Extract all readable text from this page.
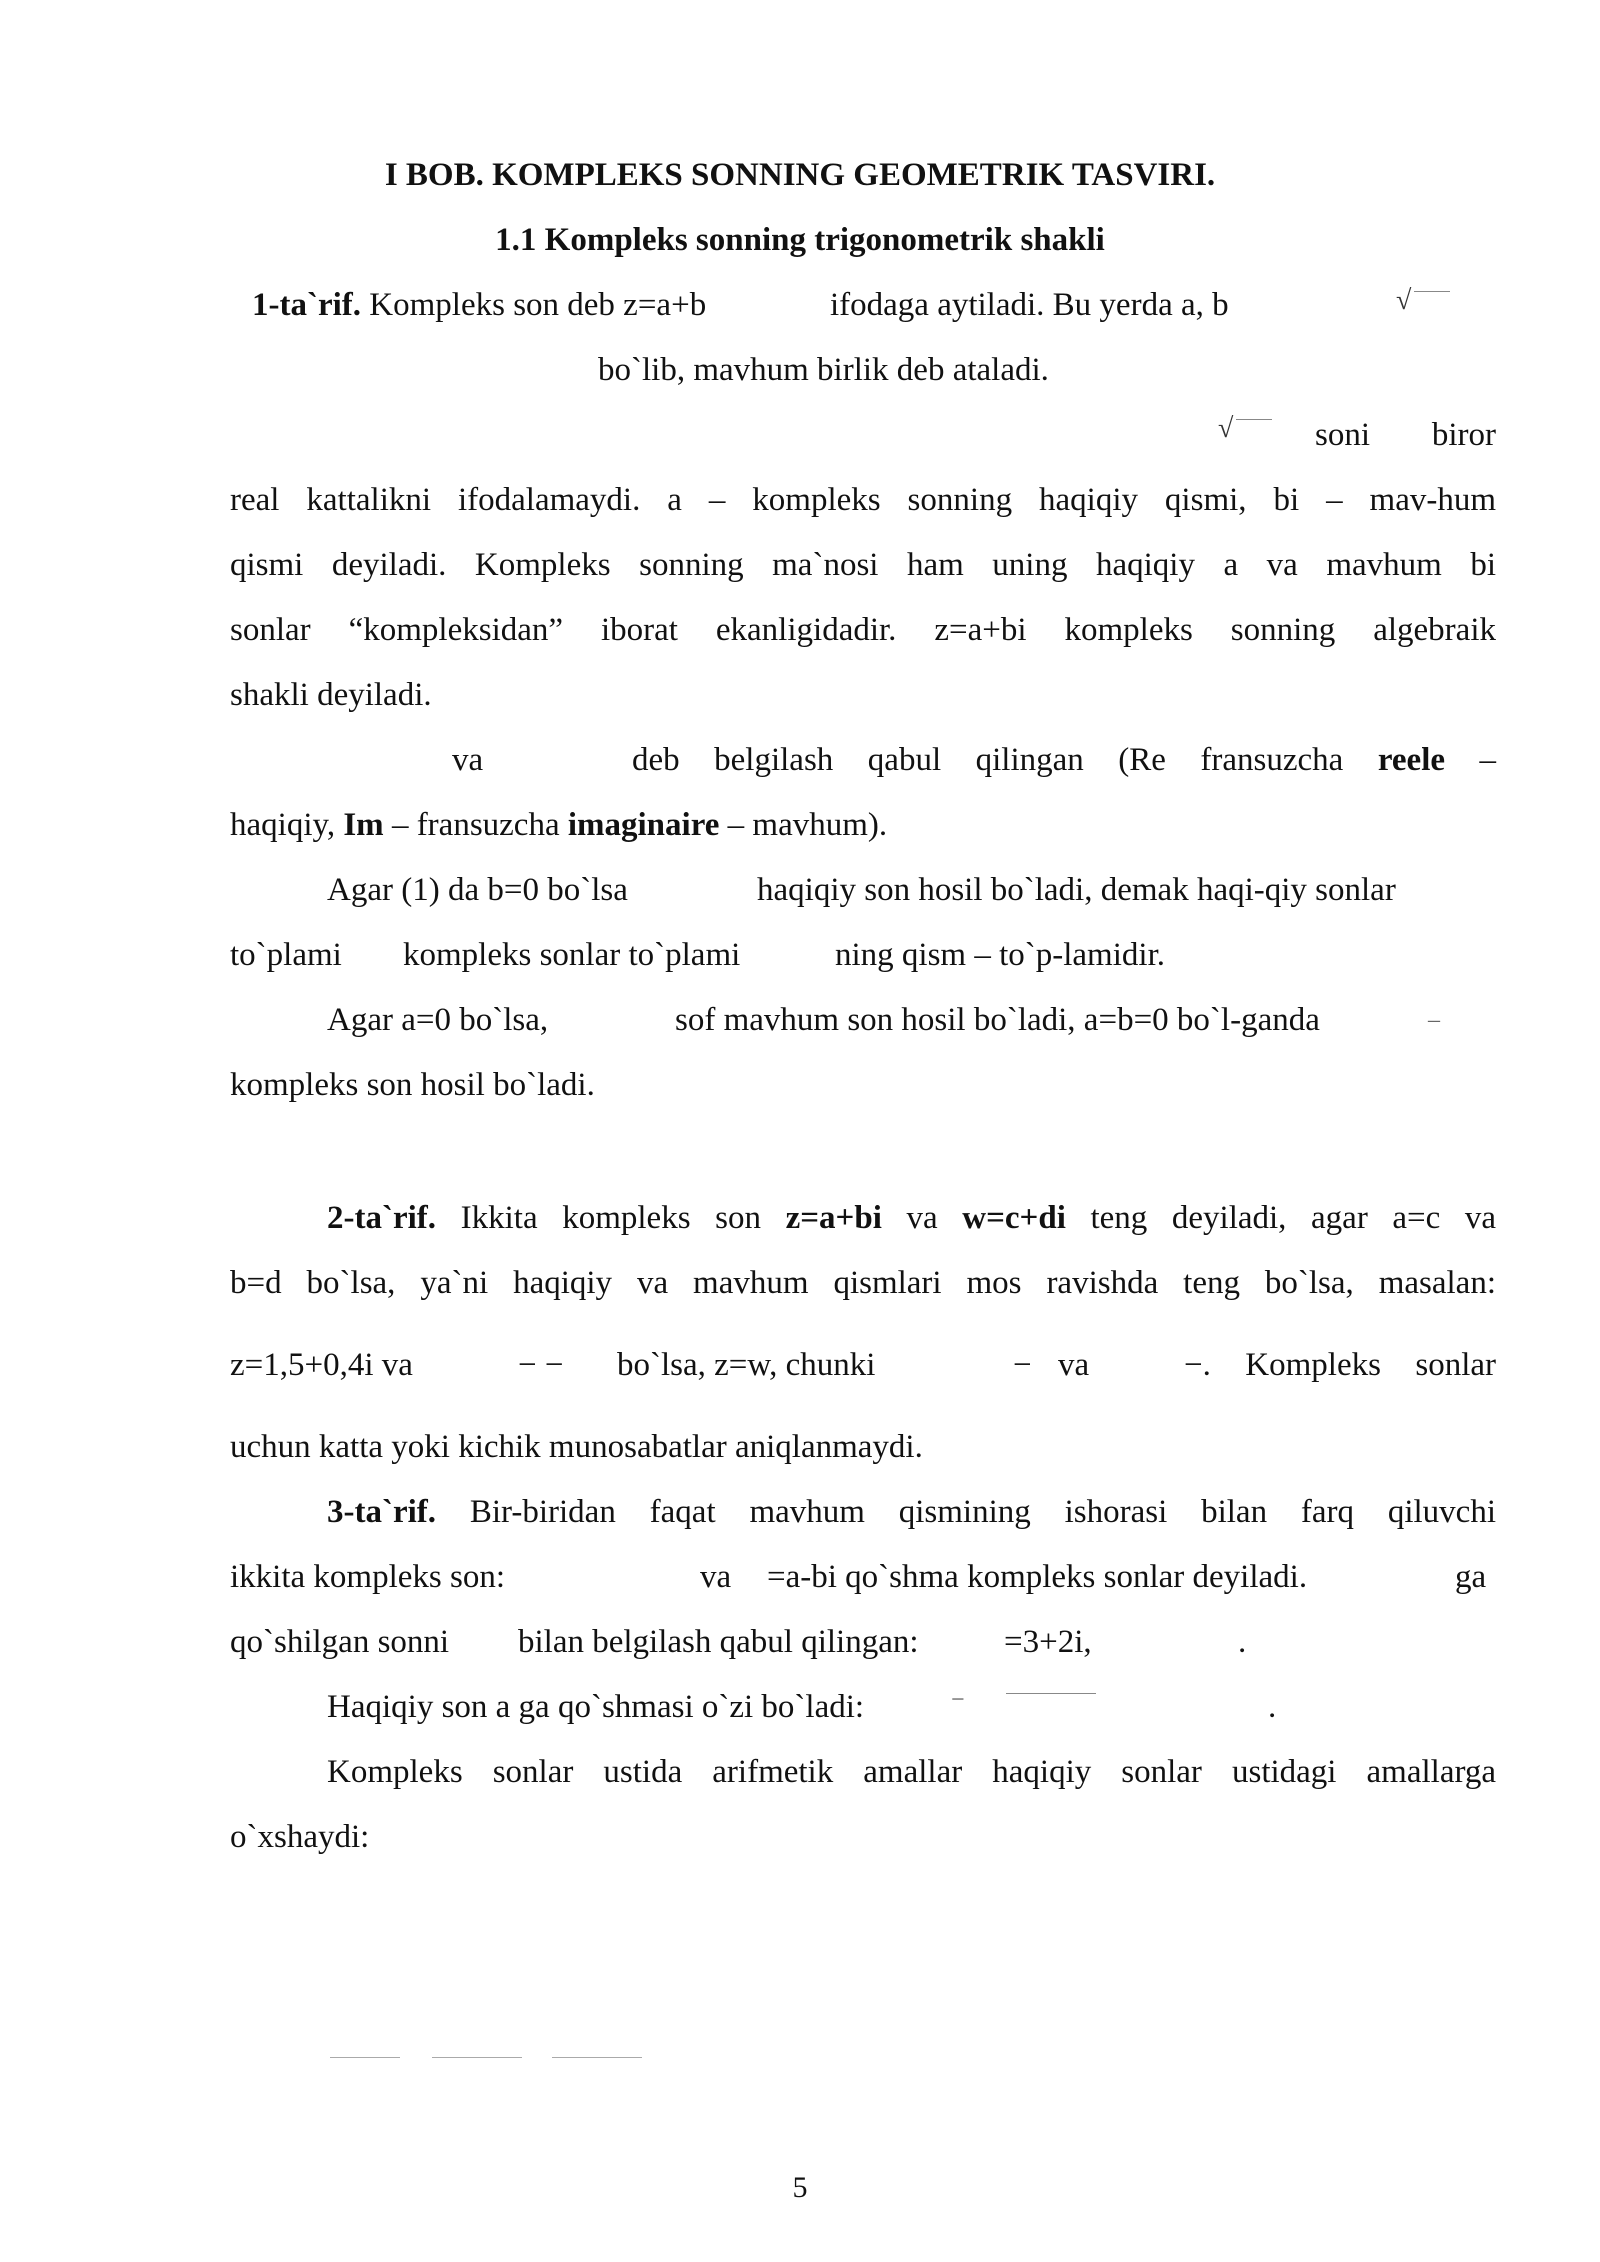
I BOB. KOMPLEKS SONNING GEOMETRIK TASVIRI.
1.1 Kompleks sonning trigonometrik shakli
1-ta`rif. Kompleks son deb z=a+b	ifodaga aytiladi. Bu yerda a, b	√
bo`lib, mavhum birlik deb ataladi.
√ soni biror
real kattalikni ifodalamaydi. a – kompleks sonning haqiqiy qismi, bi – mav-hum
qismi deyiladi. Kompleks sonning ma`nosi ham uning haqiqiy a va mavhum bi
sonlar “kompleksidan” iborat ekanligidadir. z=a+bi kompleks sonning algebraik
shakli deyiladi.
va	deb belgilash qabul qilingan (Re fransuzcha reele –
haqiqiy, Im – fransuzcha imaginaire – mavhum).
Agar (1) da b=0 bo`lsa	haqiqiy son hosil bo`ladi, demak haqi-qiy sonlar
to`plami kompleks sonlar to`plami	ning qism – to`p-lamidir.
Agar a=0 bo`lsa,	sof mavhum son hosil bo`ladi, a=b=0 bo`l-ganda	–
kompleks son hosil bo`ladi.
2-ta`rif. Ikkita kompleks son z=a+bi va w=c+di teng deyiladi, agar a=c va
b=d bo`lsa, ya`ni haqiqiy va mavhum qismlari mos ravishda teng bo`lsa, masalan:
z=1,5+0,4i va	− − bo`lsa, z=w, chunki	− va	−. Kompleks sonlar
uchun katta yoki kichik munosabatlar aniqlanmaydi.
3-ta`rif. Bir-biridan faqat mavhum qismining ishorasi bilan farq qiluvchi
ikkita kompleks son:	va =a-bi qo`shma kompleks sonlar deyiladi.	ga
qo`shilgan sonni bilan belgilash qabul qilingan:	=3+2i,	.
Haqiqiy son a ga qo`shmasi o`zi bo`ladi:	−	.
Kompleks sonlar ustida arifmetik amallar haqiqiy sonlar ustidagi amallarga
o`xshaydi:
5
